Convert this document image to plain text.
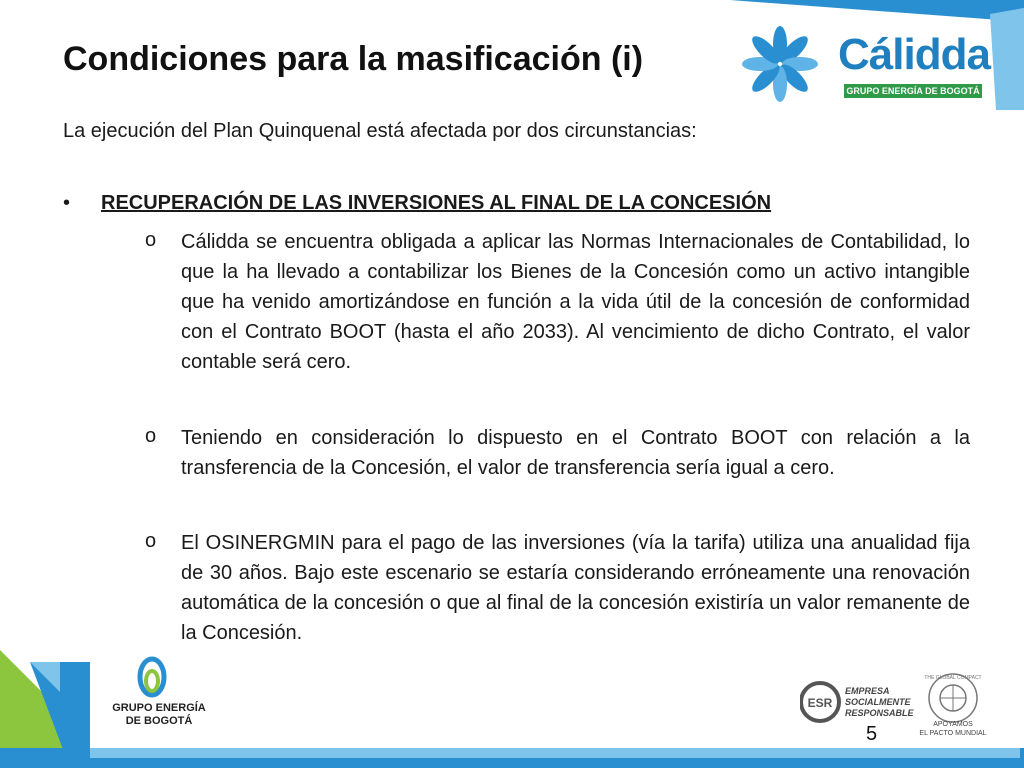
Condiciones para la masificación (i)	Cálidda
GRUPO ENERGÍA DE BOGOTÁ
La ejecución del Plan Quinquenal está afectada por dos circunstancias:
• RECUPERACIÓN DE LAS INVERSIONES AL FINAL DE LA CONCESIÓN
o Cálidda se encuentra obligada a aplicar las Normas Internacionales de Contabilidad, lo que la ha llevado a contabilizar los Bienes de la Concesión como un activo intangible que ha venido amortizándose en función a la vida útil de la concesión de conformidad con el Contrato BOOT (hasta el año 2033). Al vencimiento de dicho Contrato, el valor contable será cero.
o Teniendo en consideración lo dispuesto en el Contrato BOOT con relación a la transferencia de la Concesión, el valor de transferencia sería igual a cero.
o El OSINERGMIN para el pago de las inversiones (vía la tarifa) utiliza una anualidad fija de 30 años. Bajo este escenario se estaría considerando erróneamente una renovación automática de la concesión o que al final de la concesión existiría un valor remanente de la Concesión.
GRUPO ENERGÍA
DE BOGOTÁ
ESR
EMPRESA
SOCIALMENTE
RESPONSABLE
THE GLOBAL COMPACT
APOYAMOS
EL PACTO MUNDIAL
5
